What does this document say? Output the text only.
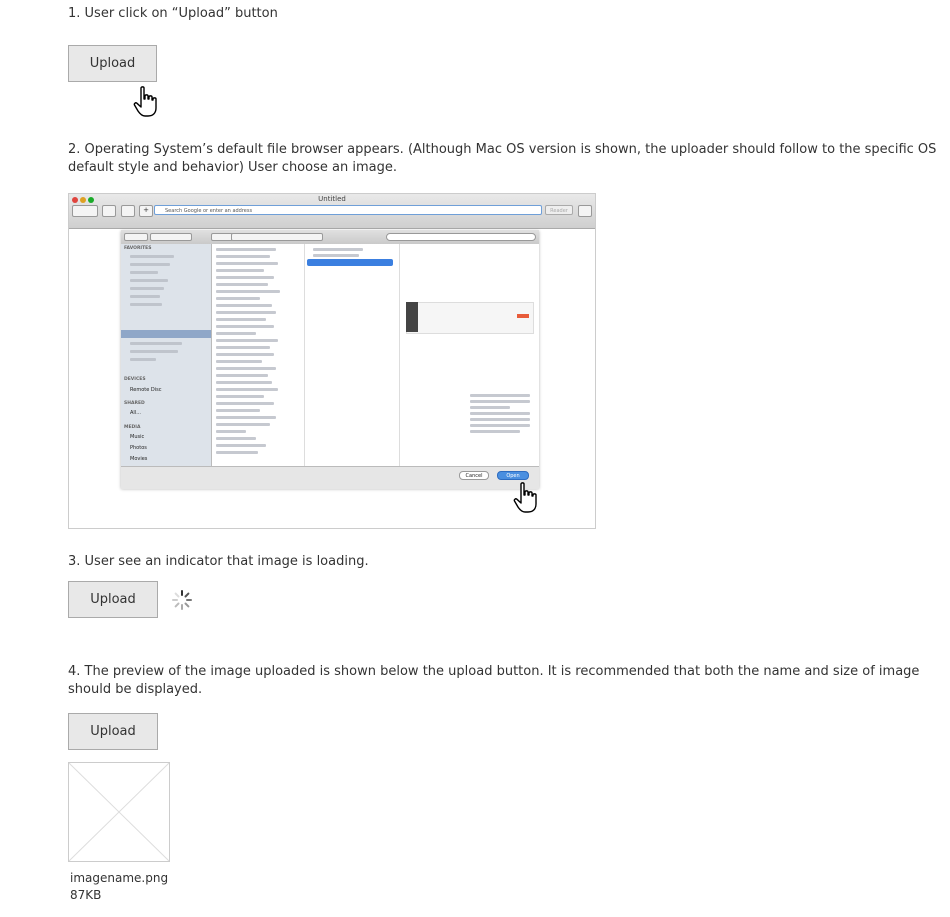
1. User click on “Upload” button
Upload
2. Operating System’s default file browser appears. (Although Mac OS version is shown, the uploader should follow to the specific OS
default style and behavior) User choose an image.
Untitled
+	Search Google or enter an address	Reader
FAVORITES
DEVICES
Remote Disc
SHARED
All...
MEDIA
Music
Photos
Movies
Cancel	Open
3. User see an indicator that image is loading.
Upload
4. The preview of the image uploaded is shown below the upload button. It is recommended that both the name and size of image
should be displayed.
Upload
imagename.png
87KB
